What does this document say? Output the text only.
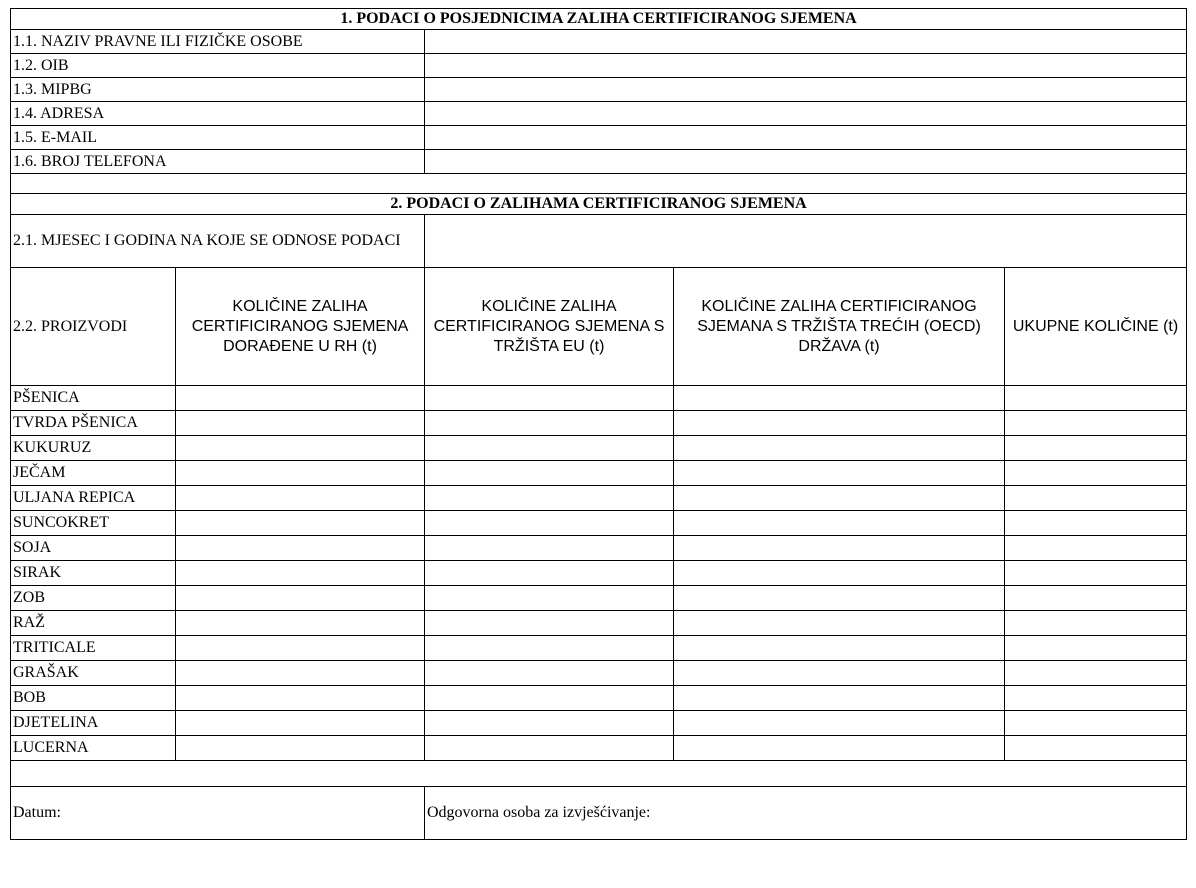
1. PODACI O POSJEDNICIMA ZALIHA CERTIFICIRANOG SJEMENA				
1.1. NAZIV PRAVNE ILI FIZIČKE OSOBE				
1.2. OIB				
1.3. MIPBG				
1.4. ADRESA				
1.5. E-MAIL				
1.6. BROJ TELEFONA				

2. PODACI O ZALIHAMA CERTIFICIRANOG SJEMENA				
2.1. MJESEC I GODINA NA KOJE SE ODNOSE PODACI				
2.2. PROIZVODI	KOLIČINE ZALIHA CERTIFICIRANOG SJEMENA DORAĐENE U RH (t)	KOLIČINE ZALIHA CERTIFICIRANOG SJEMENA S TRŽIŠTA EU (t)	KOLIČINE ZALIHA CERTIFICIRANOG SJEMANA S TRŽIŠTA TREĆIH (OECD) DRŽAVA (t)	UKUPNE KOLIČINE (t)
PŠENICA				
TVRDA PŠENICA				
KUKURUZ				
JEČAM				
ULJANA REPICA				
SUNCOKRET				
SOJA				
SIRAK				
ZOB				
RAŽ				
TRITICALE				
GRAŠAK				
BOB				
DJETELINA				
LUCERNA				

Datum:		Odgovorna osoba za izvješćivanje:		
